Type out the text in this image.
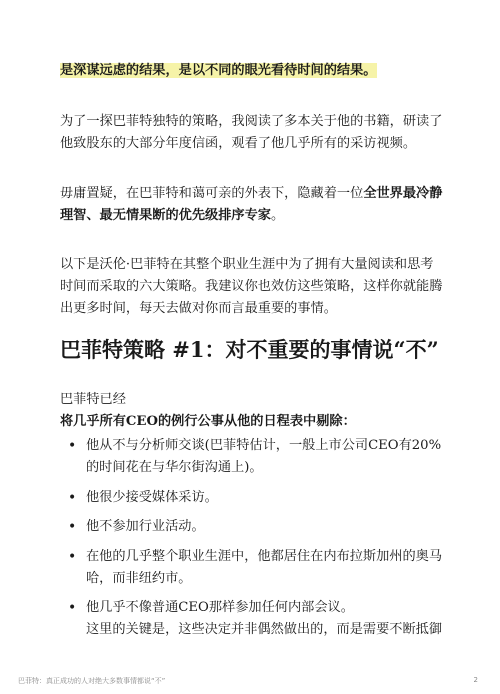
是深谋远虑的结果，是以不同的眼光看待时间的结果。

为了一探巴菲特独特的策略，我阅读了多本关于他的书籍，研读了他致股东的大部分年度信函，观看了他几乎所有的采访视频。

毋庸置疑，在巴菲特和蔼可亲的外表下，隐藏着一位全世界最冷静理智、最无情果断的优先级排序专家。

以下是沃伦·巴菲特在其整个职业生涯中为了拥有大量阅读和思考时间而采取的六大策略。我建议你也效仿这些策略，这样你就能腾出更多时间，每天去做对你而言最重要的事情。

巴菲特策略 #1：对不重要的事情说“不”

巴菲特已经
将几乎所有CEO的例行公事从他的日程表中剔除：

• 他从不与分析师交谈(巴菲特估计，一般上市公司CEO有20%的时间花在与华尔街沟通上)。
• 他很少接受媒体采访。
• 他不参加行业活动。
• 在他的几乎整个职业生涯中，他都居住在内布拉斯加州的奥马哈，而非纽约市。
• 他几乎不像普通CEO那样参加任何内部会议。
这里的关键是，这些决定并非偶然做出的，而是需要不断抵御
巴菲特：真正成功的人对绝大多数事情都说“不”	2
